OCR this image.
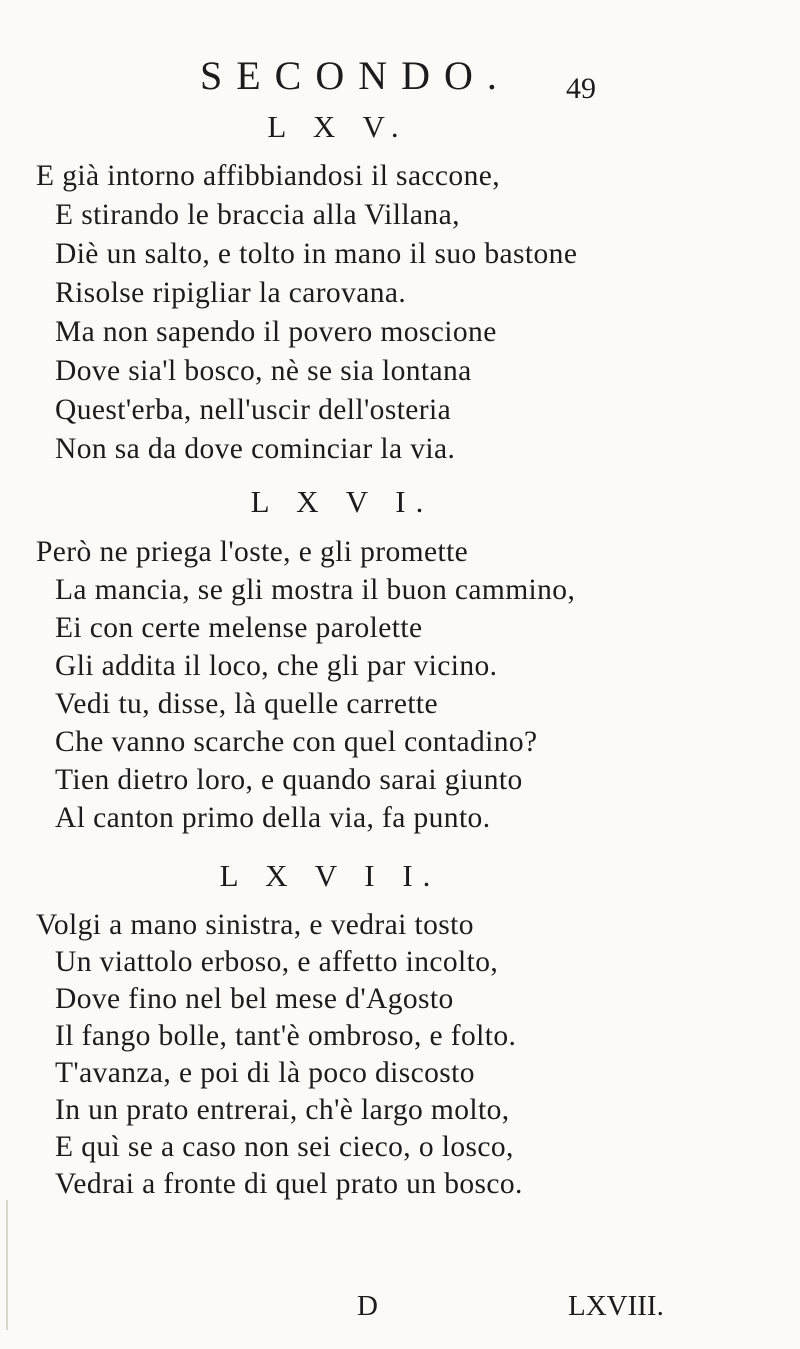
SECONDO. 49
L X V.
E già intorno affibbiandosi il saccone,
E stirando le braccia alla Villana,
Diè un salto, e tolto in mano il suo bastone
Risolse ripigliar la carovana.
Ma non sapendo il povero moscione
Dove sia'l bosco, nè se sia lontana
Quest'erba, nell'uscir dell'osteria
Non sa da dove cominciar la via.
L X V I.
Però ne priega l'oste, e gli promette
La mancia, se gli mostra il buon cammino,
Ei con certe melense parolette
Gli addita il loco, che gli par vicino.
Vedi tu, disse, là quelle carrette
Che vanno scarche con quel contadino?
Tien dietro loro, e quando sarai giunto
Al canton primo della via, fa punto.
L X V I I.
Volgi a mano sinistra, e vedrai tosto
Un viattolo erboso, e affetto incolto,
Dove fino nel bel mese d'Agosto
Il fango bolle, tant'è ombroso, e folto.
T'avanza, e poi di là poco discosto
In un prato entrerai, ch'è largo molto,
E quì se a caso non sei cieco, o losco,
Vedrai a fronte di quel prato un bosco.
D	LXVIII.
